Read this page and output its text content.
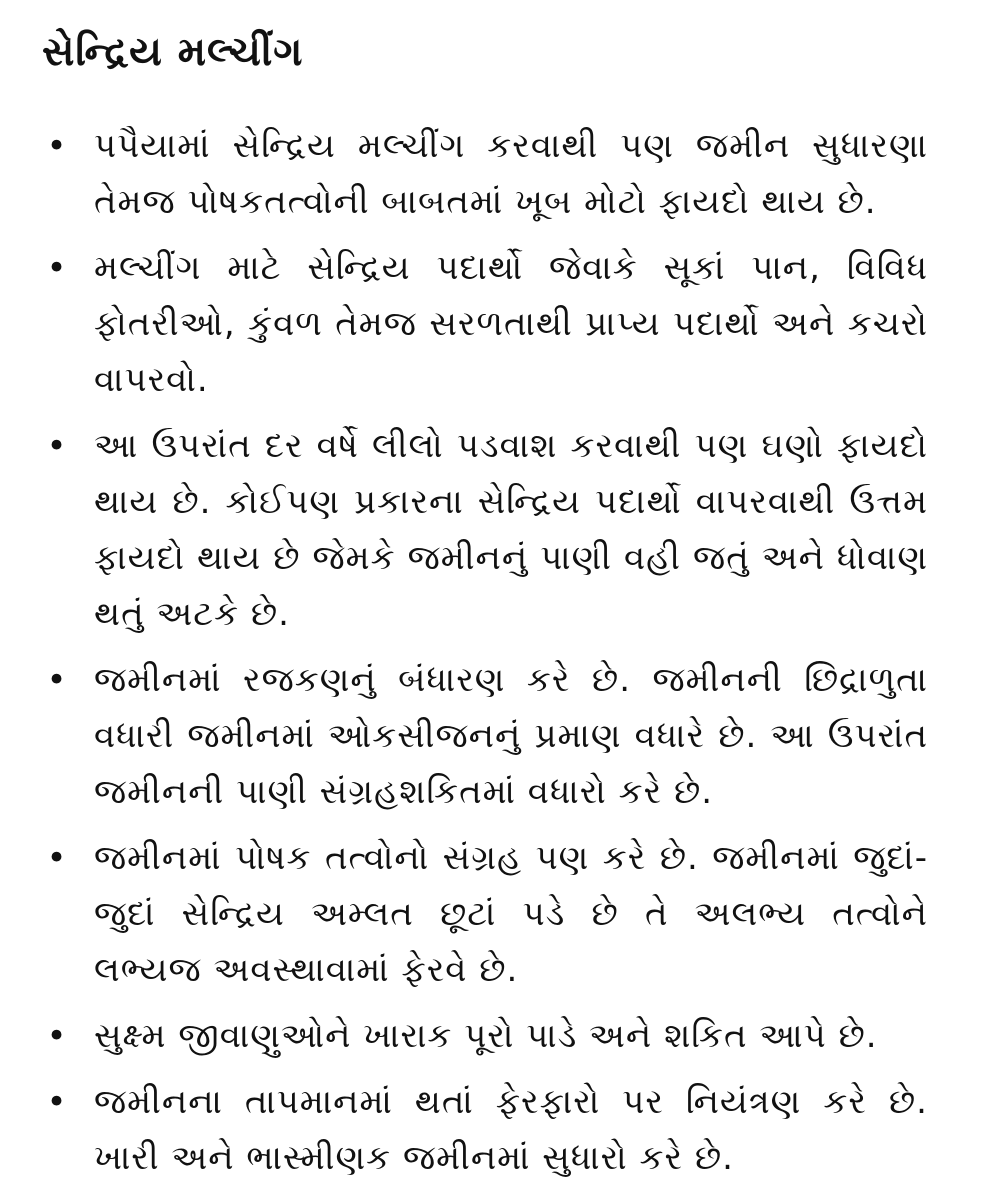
સેન્દ્રિય મલ્ચીંગ
• પપૈયામાં સેન્દ્રિય મલ્ચીંગ કરવાથી પણ જમીન સુધારણા તેમજ પોષકતત્વોની બાબતમાં ખૂબ મોટો ફાયદો થાય છે.
• મલ્ચીંગ માટે સેન્દ્રિય પદાર્થો જેવાકે સૂકાં પાન, વિવિધ ફોતરીઓ, કુંવળ તેમજ સરળતાથી પ્રાપ્ય પદાર્થો અને કચરો વાપરવો.
• આ ઉપરાંત દર વર્ષે લીલો પડવાશ કરવાથી પણ ઘણો ફાયદો થાય છે. કોઈપણ પ્રકારના સેન્દ્રિય પદાર્થો વાપરવાથી ઉત્તમ ફાયદો થાય છે જેમકે જમીનનું પાણી વહી જતું અને ધોવાણ થતું અટકે છે.
• જમીનમાં રજકણનું બંધારણ કરે છે. જમીનની છિદ્રાળુતા વધારી જમીનમાં ઓકસીજનનું પ્રમાણ વધારે છે. આ ઉપરાંત જમીનની પાણી સંગ્રહશકિતમાં વધારો કરે છે.
• જમીનમાં પોષક તત્વોનો સંગ્રહ પણ કરે છે. જમીનમાં જુદાં-જુદાં સેન્દ્રિય અમ્લત છૂટાં પડે છે તે અલભ્ય તત્વોને લભ્યજ અવસ્થાવામાં ફેરવે છે.
• સુક્ષ્મ જીવાણુઓને ખારાક પૂરો પાડે અને શકિત આપે છે.
• જમીનના તાપમાનમાં થતાં ફેરફારો પર નિયંત્રણ કરે છે. ખારી અને ભાસ્મીણક જમીનમાં સુધારો કરે છે.
